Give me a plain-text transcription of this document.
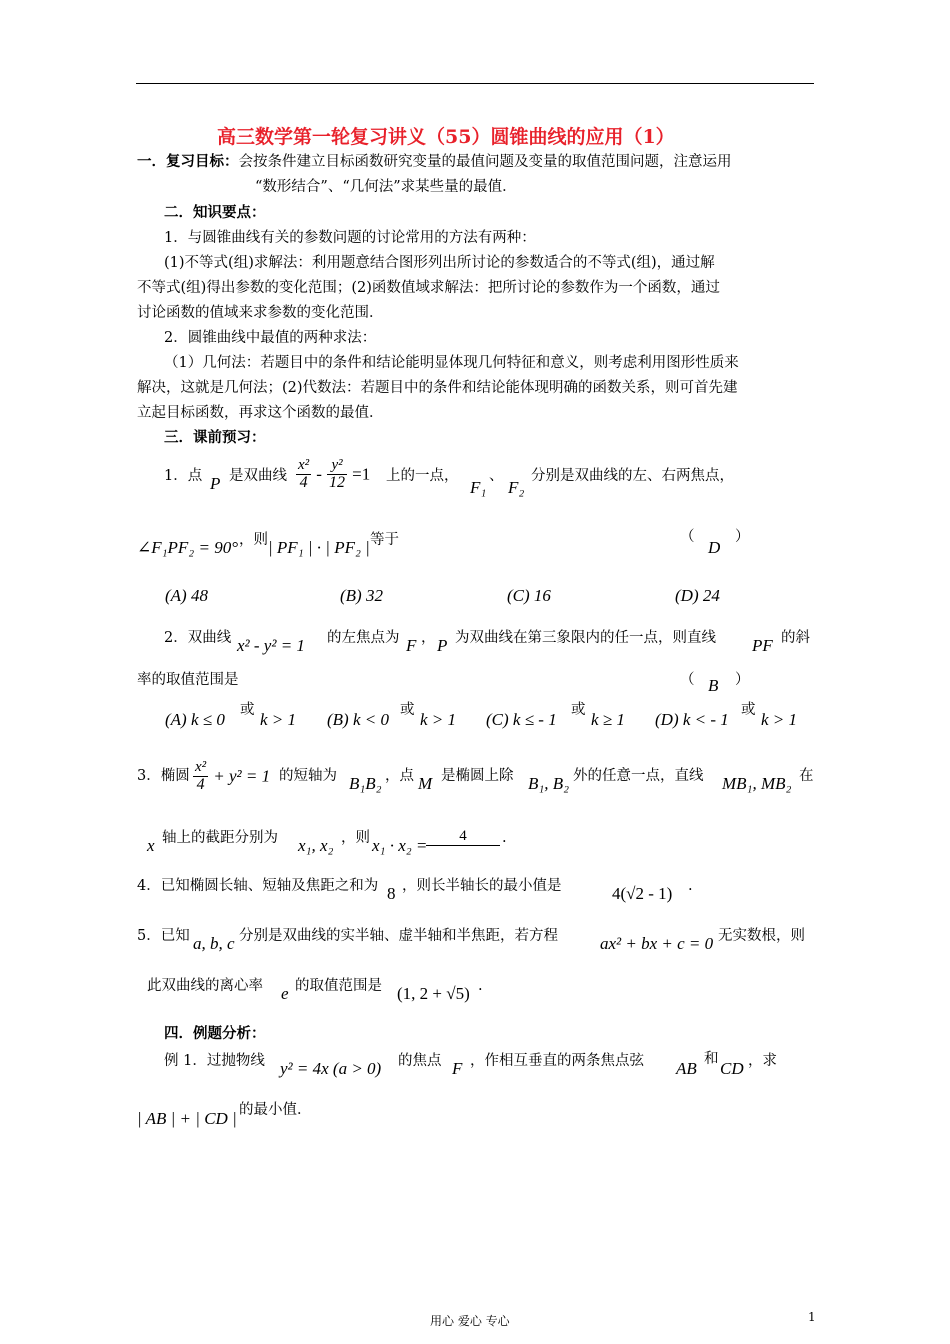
高三数学第一轮复习讲义（55）圆锥曲线的应用（1）
一．复习目标：会按条件建立目标函数研究变量的最值问题及变量的取值范围问题，注意运用
“数形结合”、“几何法”求某些量的最值．
二．知识要点：
1．与圆锥曲线有关的参数问题的讨论常用的方法有两种：
(1)不等式(组)求解法：利用题意结合图形列出所讨论的参数适合的不等式(组)，通过解
不等式(组)得出参数的变化范围；(2)函数值域求解法：把所讨论的参数作为一个函数，通过
讨论函数的值域来求参数的变化范围．
2．圆锥曲线中最值的两种求法：
（1）几何法：若题目中的条件和结论能明显体现几何特征和意义，则考虑利用图形性质来
解决，这就是几何法；(2)代数法：若题目中的条件和结论能体现明确的函数关系，则可首先建
立起目标函数，再求这个函数的最值．
三．课前预习：
1．点 P 是双曲线 $\frac{\text{x²}}{4} - \frac{\text{y²}}{12} =1$ 上的一点，
F₁
、
F₂
分别是双曲线的左、右两焦点，
∠F₁PF₂ = 90° ，则 | PF₁ | · | PF₂ | 等于	（
D
）
(A) 48	(B) 32	(C) 16	(D) 24
2．双曲线 x² - y² = 1 的左焦点为 F ， P 为双曲线在第三象限内的任一点，则直线 PF 的斜
率的取值范围是	（ B ）
(A) k ≤ 0 或 k > 1 (B) k < 0 或 k > 1 (C) k ≤ - 1 或 k ≥ 1 (D) k < - 1 或 k > 1
3．椭圆 $\frac{\text{x²}}{4} + y^2 = 1$ 的短轴为 B₁B₂ ，点 M 是椭圆上除 B₁, B₂ 外的任意一点，直线 MB₁, MB₂ 在
x 轴上的截距分别为 x₁, x₂ ，则 x₁ · x₂ =	4	.
4．已知椭圆长轴、短轴及焦距之和为 8 ，则长半轴长的最小值是	4(√2 - 1) .
5．已知 a, b, c 分别是双曲线的实半轴、虚半轴和半焦距，若方程 ax² + bx + c = 0 无实数根，则
此双曲线的离心率 e 的取值范围是 (1, 2 + √5) .
四．例题分析：
例 1．过抛物线 y² = 4x (a > 0) 的焦点 F ，作相互垂直的两条焦点弦 AB 和 CD ，求
| AB | + | CD | 的最小值．
用心 爱心 专心	1
